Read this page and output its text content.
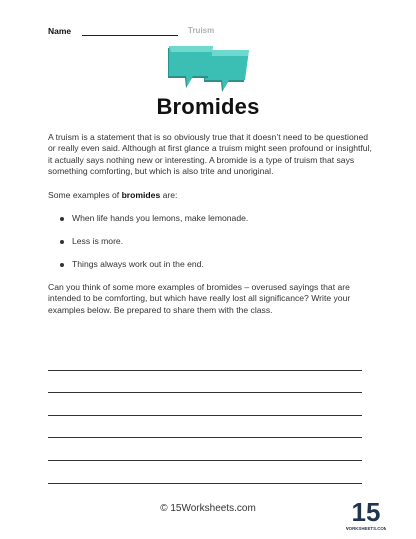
Name	Truism
Bromides

A truism is a statement that is so obviously true that it doesn’t need to be questioned or really even said. Although at first glance a truism might seen profound or insightful, it actually says nothing new or interesting. A bromide is a type of truism that says something comforting, but which is also trite and unoriginal.

Some examples of bromides are:

When life hands you lemons, make lemonade.
Less is more.
Things always work out in the end.

Can you think of some more examples of bromides – overused sayings that are intended to be comforting, but which have really lost all significance? Write your examples below. Be prepared to share them with the class.

© 15Worksheets.com	15
WORKSHEETS.COM
